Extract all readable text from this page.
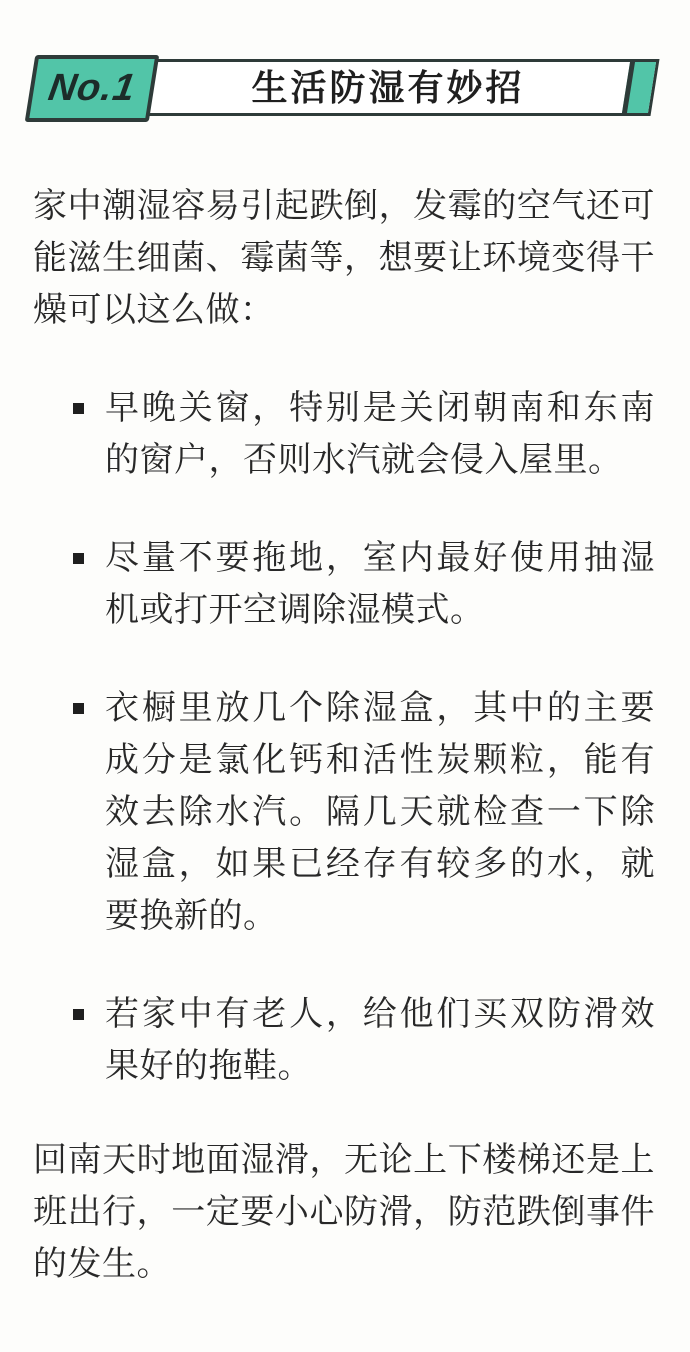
生活防湿有妙招
No.1

家中潮湿容易引起跌倒，发霉的空气还可能滋生细菌、霉菌等，想要让环境变得干燥可以这么做：

早晚关窗，特别是关闭朝南和东南的窗户，否则水汽就会侵入屋里。
尽量不要拖地，室内最好使用抽湿机或打开空调除湿模式。
衣橱里放几个除湿盒，其中的主要成分是氯化钙和活性炭颗粒，能有效去除水汽。隔几天就检查一下除湿盒，如果已经存有较多的水，就要换新的。
若家中有老人，给他们买双防滑效果好的拖鞋。

回南天时地面湿滑，无论上下楼梯还是上班出行，一定要小心防滑，防范跌倒事件的发生。
